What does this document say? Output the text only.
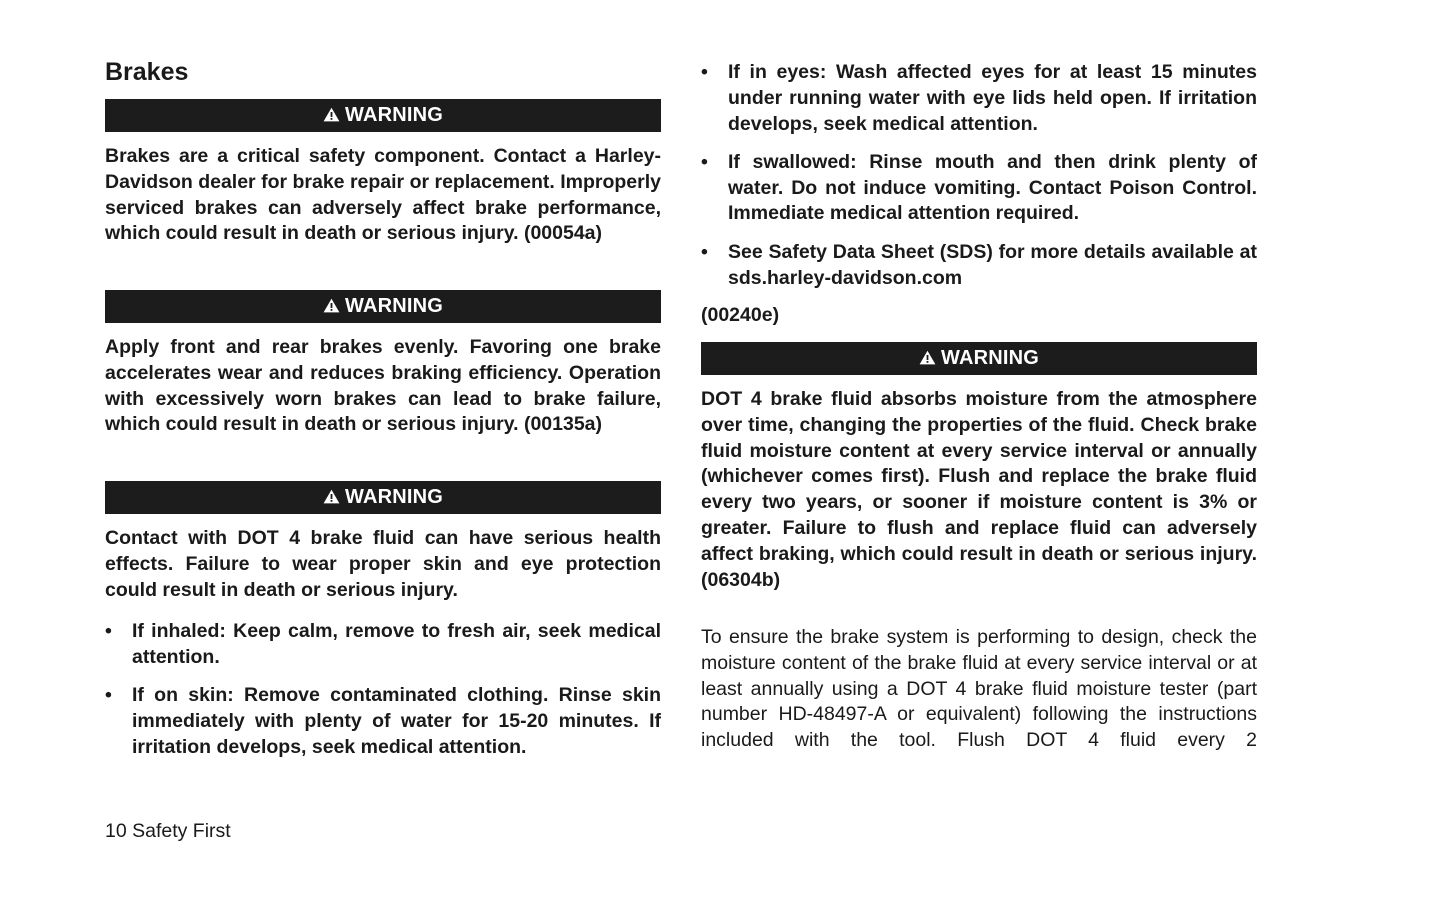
Brakes
WARNING

Brakes are a critical safety component. Contact a Harley-Davidson dealer for brake repair or replacement. Improperly serviced brakes can adversely affect brake performance, which could result in death or serious injury. (00054a)

WARNING

Apply front and rear brakes evenly. Favoring one brake accelerates wear and reduces braking efficiency. Operation with excessively worn brakes can lead to brake failure, which could result in death or serious injury. (00135a)

WARNING

Contact with DOT 4 brake fluid can have serious health effects. Failure to wear proper skin and eye protection could result in death or serious injury.

• If inhaled: Keep calm, remove to fresh air, seek medical attention.
• If on skin: Remove contaminated clothing. Rinse skin immediately with plenty of water for 15-20 minutes. If irritation develops, seek medical attention.
• If in eyes: Wash affected eyes for at least 15 minutes under running water with eye lids held open. If irritation develops, seek medical attention.
• If swallowed: Rinse mouth and then drink plenty of water. Do not induce vomiting. Contact Poison Control. Immediate medical attention required.
• See Safety Data Sheet (SDS) for more details available at sds.harley-davidson.com

(00240e)

WARNING

DOT 4 brake fluid absorbs moisture from the atmosphere over time, changing the properties of the fluid. Check brake fluid moisture content at every service interval or annually (whichever comes first). Flush and replace the brake fluid every two years, or sooner if moisture content is 3% or greater. Failure to flush and replace fluid can adversely affect braking, which could result in death or serious injury. (06304b)

To ensure the brake system is performing to design, check the moisture content of the brake fluid at every service interval or at least annually using a DOT 4 brake fluid moisture tester (part number HD-48497-A or equivalent) following the instructions included with the tool. Flush DOT 4 fluid every 2

10 Safety First
